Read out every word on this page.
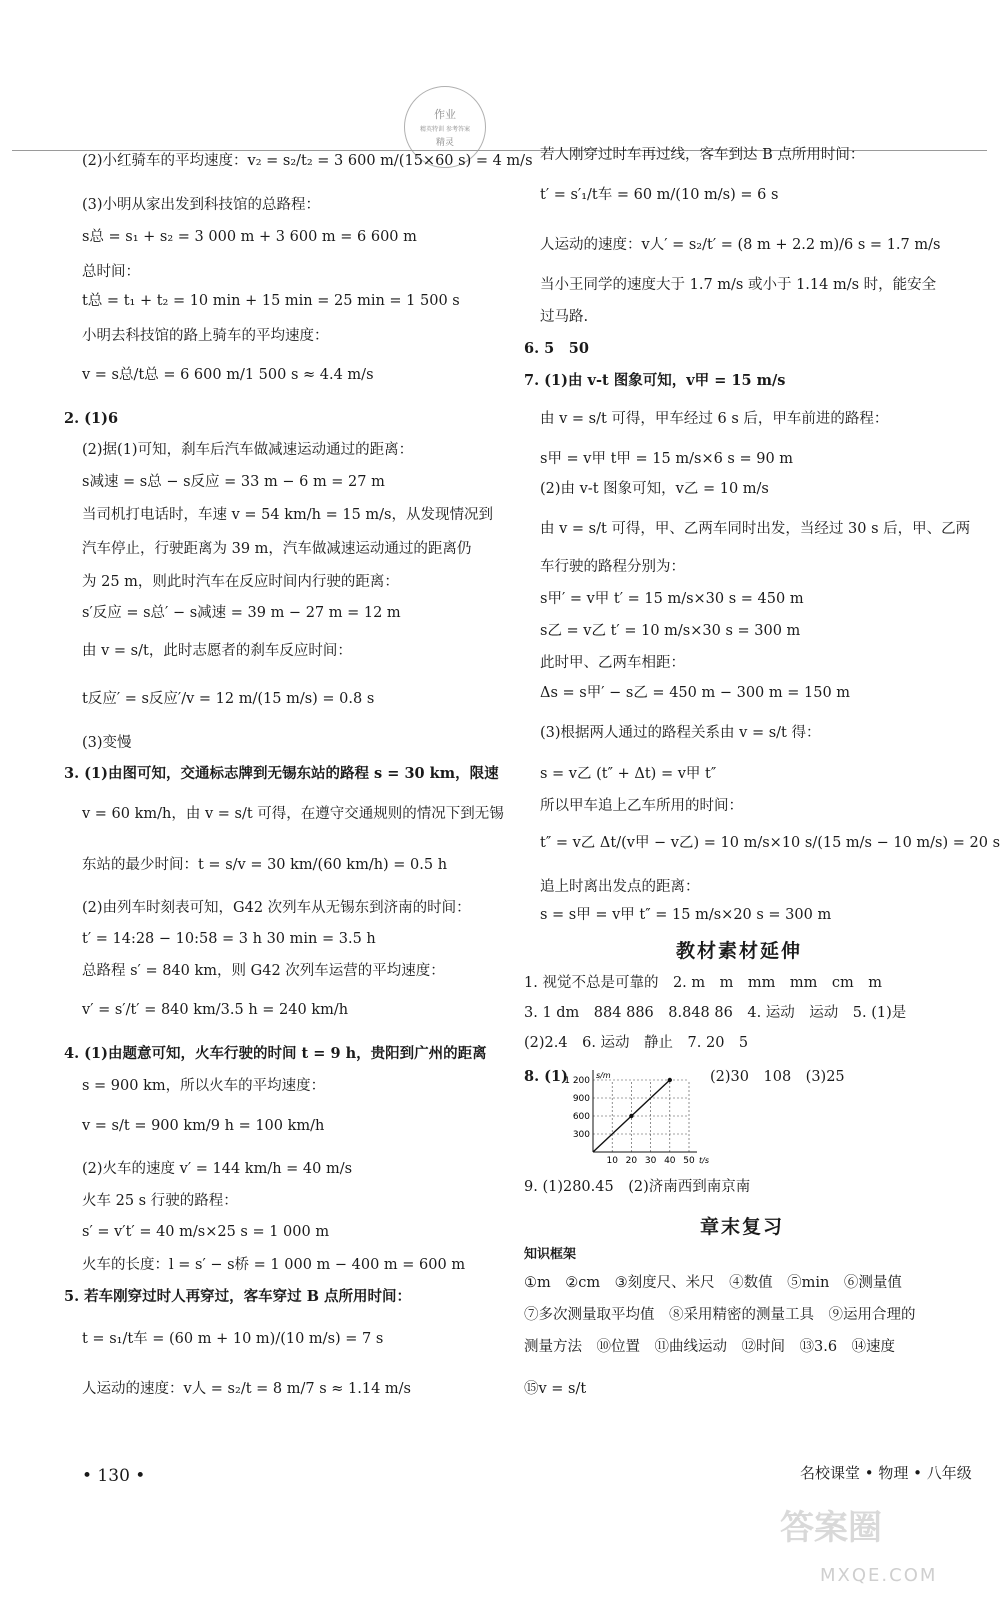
作业
精英特训 参考答案
精灵
(2)小红骑车的平均速度：v₂ = s₂/t₂ = 3 600 m/(15×60 s) = 4 m/s
(3)小明从家出发到科技馆的总路程：
s总 = s₁ + s₂ = 3 000 m + 3 600 m = 6 600 m
总时间：
t总 = t₁ + t₂ = 10 min + 15 min = 25 min = 1 500 s
小明去科技馆的路上骑车的平均速度：
v = s总/t总 = 6 600 m/1 500 s ≈ 4.4 m/s
2. (1)6
(2)据(1)可知，刹车后汽车做减速运动通过的距离：
s减速 = s总 − s反应 = 33 m − 6 m = 27 m
当司机打电话时，车速 v = 54 km/h = 15 m/s，从发现情况到
汽车停止，行驶距离为 39 m，汽车做减速运动通过的距离仍
为 25 m，则此时汽车在反应时间内行驶的距离：
s′反应 = s总′ − s减速 = 39 m − 27 m = 12 m
由 v = s/t，此时志愿者的刹车反应时间：
t反应′ = s反应′/v = 12 m/(15 m/s) = 0.8 s
(3)变慢
3. (1)由图可知，交通标志牌到无锡东站的路程 s = 30 km，限速
v = 60 km/h，由 v = s/t 可得，在遵守交通规则的情况下到无锡
东站的最少时间：t = s/v = 30 km/(60 km/h) = 0.5 h
(2)由列车时刻表可知，G42 次列车从无锡东到济南的时间：
t′ = 14:28 − 10:58 = 3 h 30 min = 3.5 h
总路程 s′ = 840 km，则 G42 次列车运营的平均速度：
v′ = s′/t′ = 840 km/3.5 h = 240 km/h
4. (1)由题意可知，火车行驶的时间 t = 9 h，贵阳到广州的距离
s = 900 km，所以火车的平均速度：
v = s/t = 900 km/9 h = 100 km/h
(2)火车的速度 v′ = 144 km/h = 40 m/s
火车 25 s 行驶的路程：
s′ = v′t′ = 40 m/s×25 s = 1 000 m
火车的长度：l = s′ − s桥 = 1 000 m − 400 m = 600 m
5. 若车刚穿过时人再穿过，客车穿过 B 点所用时间：
t = s₁/t车 = (60 m + 10 m)/(10 m/s) = 7 s
人运动的速度：v人 = s₂/t = 8 m/7 s ≈ 1.14 m/s
若人刚穿过时车再过线，客车到达 B 点所用时间：
t′ = s′₁/t车 = 60 m/(10 m/s) = 6 s
人运动的速度：v人′ = s₂/t′ = (8 m + 2.2 m)/6 s = 1.7 m/s
当小王同学的速度大于 1.7 m/s 或小于 1.14 m/s 时，能安全
过马路.
6. 5　50
7. (1)由 v-t 图象可知，v甲 = 15 m/s
由 v = s/t 可得，甲车经过 6 s 后，甲车前进的路程：
s甲 = v甲 t甲 = 15 m/s×6 s = 90 m
(2)由 v-t 图象可知，v乙 = 10 m/s
由 v = s/t 可得，甲、乙两车同时出发，当经过 30 s 后，甲、乙两
车行驶的路程分别为：
s甲′ = v甲 t′ = 15 m/s×30 s = 450 m
s乙 = v乙 t′ = 10 m/s×30 s = 300 m
此时甲、乙两车相距：
Δs = s甲′ − s乙 = 450 m − 300 m = 150 m
(3)根据两人通过的路程关系由 v = s/t 得：
s = v乙 (t″ + Δt) = v甲 t″
所以甲车追上乙车所用的时间：
t″ = v乙 Δt/(v甲 − v乙) = 10 m/s×10 s/(15 m/s − 10 m/s) = 20 s
追上时离出发点的距离：
s = s甲 = v甲 t″ = 15 m/s×20 s = 300 m
教材素材延伸
1. 视觉不总是可靠的　2. m　m　mm　mm　cm　m
3. 1 dm　884 886　8.848 86　4. 运动　运动　5. (1)是
(2)2.4　6. 运动　静止　7. 20　5
(2)30　108　(3)25
9. (1)280.45　(2)济南西到南京南
8. (1)
10 20 30 40 50
300
600
900
1 200
t/s
s/m
章末复习
知识框架
①m　②cm　③刻度尺、米尺　④数值　⑤min　⑥测量值
⑦多次测量取平均值　⑧采用精密的测量工具　⑨运用合理的
测量方法　⑩位置　⑪曲线运动　⑫时间　⑬3.6　⑭速度
⑮v = s/t
• 130 •	名校课堂 • 物理 • 八年级
答案圈
MXQE.COM
